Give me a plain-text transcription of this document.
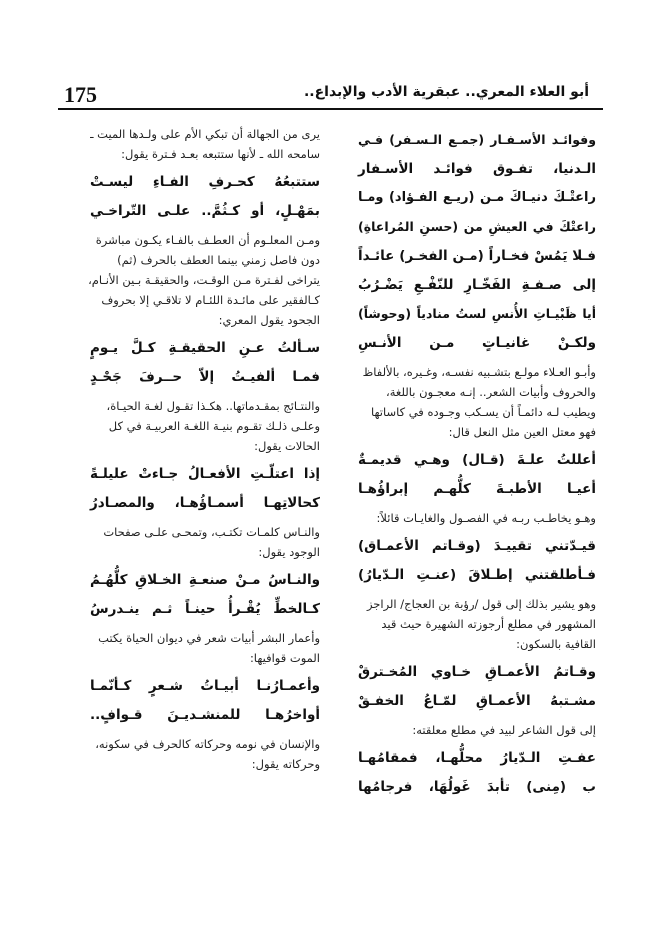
175	أبو العلاء المعري.. عبقرية الأدب والإبداع..
وفوائـد الأسـفـار (جمـع الـسـفر) فـي
الـدنيا، تفـوق فوائـد الأسـفار
راعتْـكَ دنيـاكَ مـن (ريـع الفـؤاد) ومـا
راعتْكَ في العيشِ من (حسنِ المُراعاةِ)
فـلا يَمُسْ فخـاراً (مـن الفخـر) عائـداً
إلى صـفـةِ الفَخّـارِ للنّفْـعِ يَضْـرُبُ
أيا ظَبْيـاتِ الأُنسِ لستُ منادياً (وحوشاً)
ولكـنْ غانيـاتٍ مـن الأنـسِ
وأبـو العـلاء مولـع بتشـبيه نفسـه، وغـيره، بالألفاظ والحروف وأبيات الشعر.. إنـه معجـون باللغة، ويطيب لـه دائمـاً أن يسـكب وجـوده في كاساتها فهو معتل العين مثل النعل قال:
أعللتُ علـةَ (قـال) وهـي قديمـةٌ
أعيـا الأطبـةَ كلُّهـم إبراؤُهـا
وهـو يخاطـب ربـه في الفصـول والغايـات قائلاً:
قيـدّتني تقييـدَ (وقـاتم الأعمـاق)
فـأطلقتني إطـلاقَ (عنـتِ الـدّيارُ)
وهو يشير بذلك إلى قول /رؤبة بن العجاج/ الراجز المشهور في مطلع أرجوزته الشهيرة حيث قيد القافية بالسكون:
وقـاتمُ الأعمـاقِ خـاوي المُخـترقْ
مشـتبهُ الأعمـاقِ لمّـاعُ الخفـقْ
إلى قول الشاعر لبيد في مطلع معلقته:
عفـتِ الـدّيارُ محلُّهـا، فمقامُهـا
ب (مِنى) تأبدَ غَولُهَا، فرجامُها
يرى من الجهالة أن تبكي الأم على ولـدها الميت ـ سامحه الله ـ لأنها ستتبعه بعـد فـترة يقول:
ستتبعُهُ كحـرفِ الفـاءِ ليسـتْ
بمَهْـلٍ، أو كـثُمَّ.. علـى التّراخـي
ومـن المعلـوم أن العطـف بالفـاء يكـون مباشرة دون فاصل زمني بينما العطف بالحرف (ثم) يتراخى لفـترة مـن الوقـت، والحقيقـة بـين الأنـام، كـالفقير على مائـدة اللئـام لا تلاقـي إلا بحروف الجحود يقول المعري:
سـألتُ عـنِ الحقيقـةِ كـلَّ يـومٍ
فمـا ألفيـتُ إلاّ حــرفَ جَحْـدٍ
والنتـائج بمقـدماتها.. هكـذا تقـول لغـة الحيـاة، وعلـى ذلـك تقـوم بنيـة اللغـة العربيـة في كل الحالات يقول:
إذا اعتلّـتِ الأفعـالُ جـاءتْ عليلـةً
كحالاتِهـا أسمـاؤُهـا، والمصـادرُ
والنـاس كلمـات تكتـب، وتمحـى علـى صفحات الوجود يقول:
والنـاسُ مـنْ صنعـةِ الخـلاقِ كلُّهُـمُ
كـالخطِّ يُقْـرأُ حينـاً ثـم ينـدرسُ
وأعمار البشر أبيات شعر في ديوان الحياة يكتب الموت قوافيها:
وأعمـارُنـا أبيـاتُ شـعرٍ كـأنّمـا
أواخرُهـا للمنشـديـنَ قـوافٍ..
والإنسان في نومه وحركاته كالحرف في سكونه، وحركاته يقول:
